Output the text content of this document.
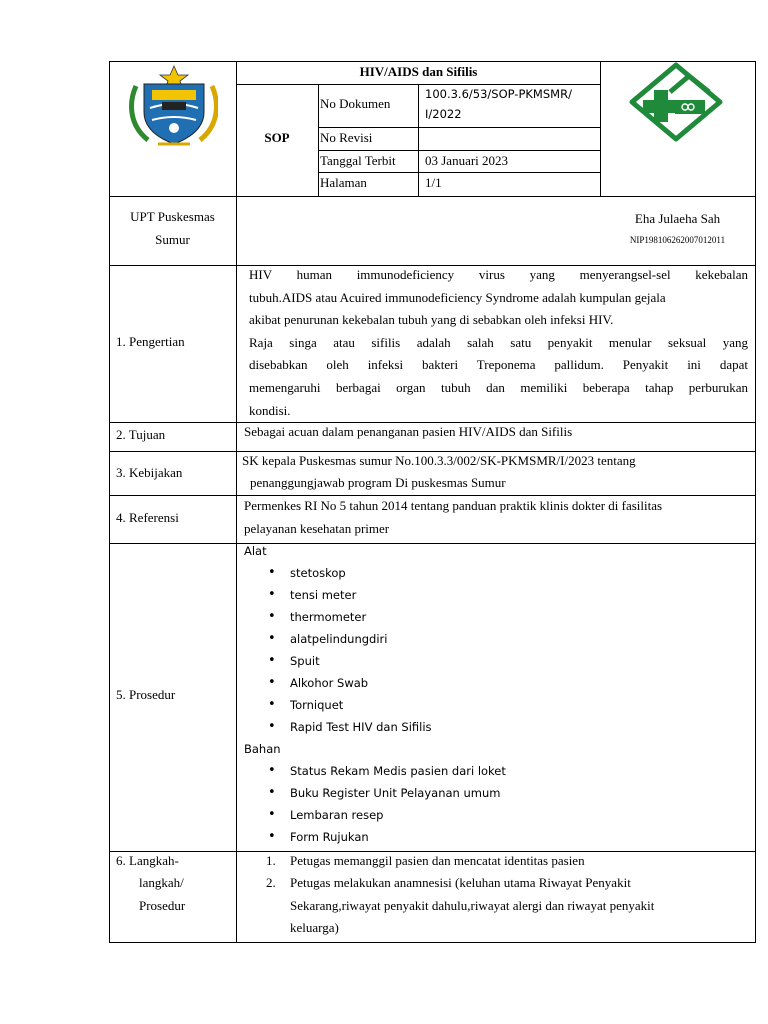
HIV/AIDS dan Sifilis
SOP
No Dokumen
100.3.6/53/SOP-PKMSMR/
I/2022
No Revisi
Tanggal Terbit 03 Januari 2023
Halaman	1/1
UPT Puskesmas
Sumur
Eha Julaeha Sah
NIP198106262007012011
1. Pengertian
HIV human immunodeficiency virus yang menyerangsel-sel kekebalan
tubuh.AIDS atau Acuired immunodeficiency Syndrome adalah kumpulan gejala
akibat penurunan kekebalan tubuh yang di sebabkan oleh infeksi HIV.
Raja singa atau sifilis adalah salah satu penyakit menular seksual yang
disebabkan oleh infeksi bakteri Treponema pallidum. Penyakit ini dapat
memengaruhi berbagai organ tubuh dan memiliki beberapa tahap perburukan
kondisi.
2. Tujuan	Sebagai acuan dalam penanganan pasien HIV/AIDS dan Sifilis
3. Kebijakan
SK kepala Puskesmas sumur No.100.3.3/002/SK-PKMSMR/I/2023 tentang
penanggungjawab program Di puskesmas Sumur
4. Referensi
Permenkes RI No 5 tahun 2014 tentang panduan praktik klinis dokter di fasilitas
pelayanan kesehatan primer
5. Prosedur
Alat
• stetoskop
• tensi meter
• thermometer
• alatpelindungdiri
• Spuit
• Alkohor Swab
• Torniquet
• Rapid Test HIV dan Sifilis
Bahan
• Status Rekam Medis pasien dari loket
• Buku Register Unit Pelayanan umum
• Lembaran resep
• Form Rujukan
6. Langkah-
langkah/
Prosedur
1. Petugas memanggil pasien dan mencatat identitas pasien
2. Petugas melakukan anamnesisi (keluhan utama Riwayat Penyakit
Sekarang,riwayat penyakit dahulu,riwayat alergi dan riwayat penyakit
keluarga)
